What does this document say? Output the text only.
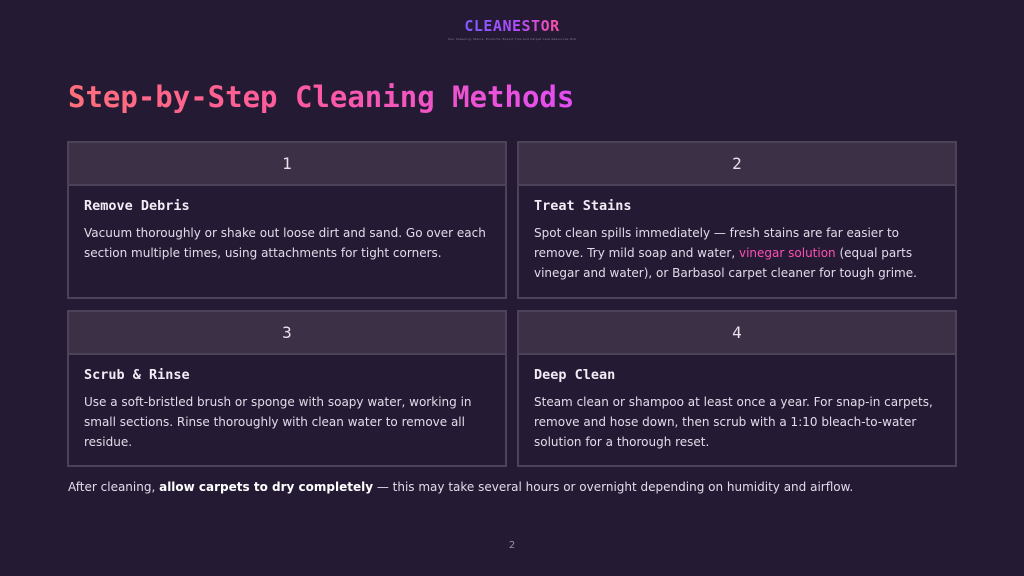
CLEANESTOR
Your Cleaning, Stains, Products, Expert Tips and Carpet Care Resources Hub
Step-by-Step Cleaning Methods
1
Remove Debris
Vacuum thoroughly or shake out loose dirt and sand. Go over each section multiple times, using attachments for tight corners.
2
Treat Stains
Spot clean spills immediately — fresh stains are far easier to remove. Try mild soap and water, vinegar solution (equal parts vinegar and water), or Barbasol carpet cleaner for tough grime.
3
Scrub & Rinse
Use a soft-bristled brush or sponge with soapy water, working in small sections. Rinse thoroughly with clean water to remove all residue.
4
Deep Clean
Steam clean or shampoo at least once a year. For snap-in carpets, remove and hose down, then scrub with a 1:10 bleach-to-water solution for a thorough reset.

After cleaning, allow carpets to dry completely — this may take several hours or overnight depending on humidity and airflow.

2
